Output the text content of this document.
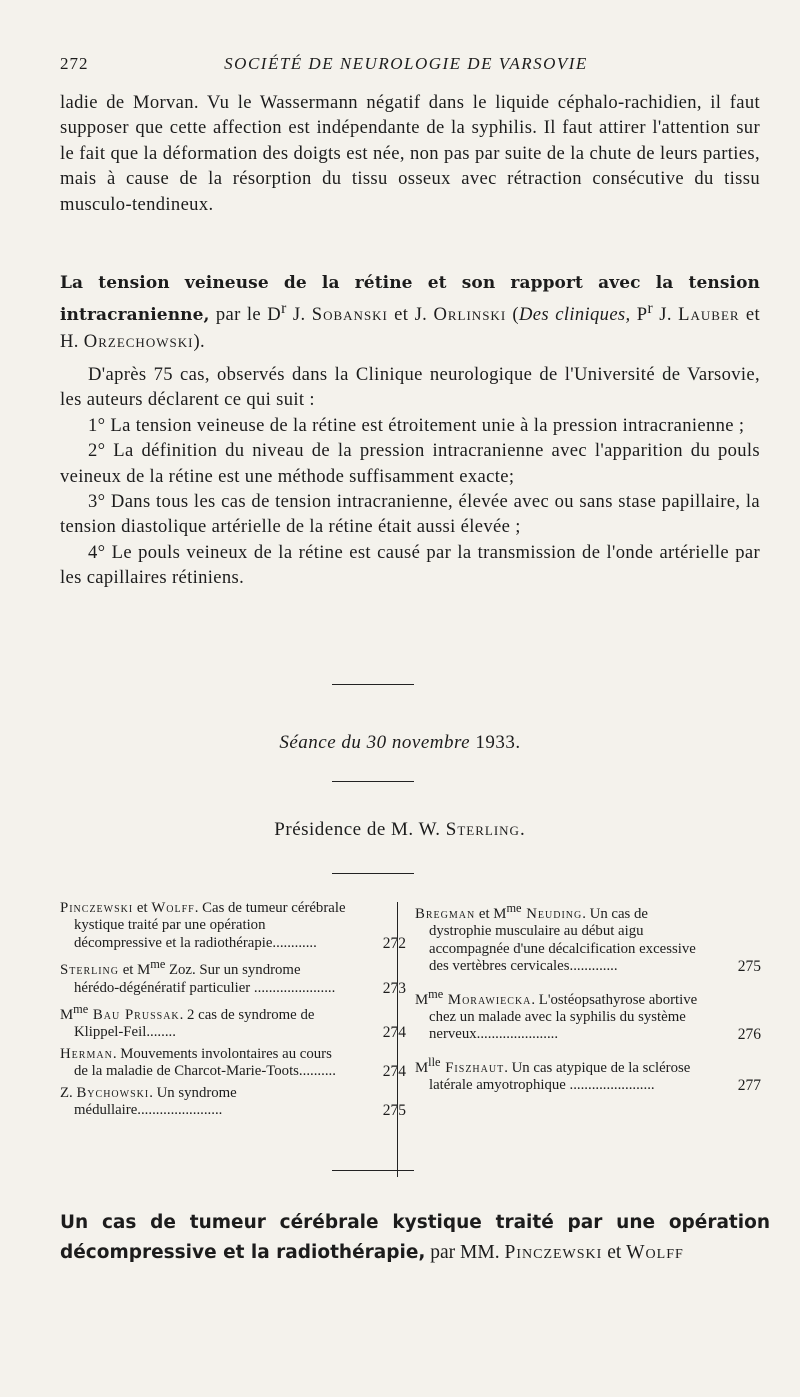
272	SOCIÉTÉ DE NEUROLOGIE DE VARSOVIE
ladie de Morvan. Vu le Wassermann négatif dans le liquide céphalo-rachidien, il faut supposer que cette affection est indépendante de la syphilis. Il faut attirer l'attention sur le fait que la déformation des doigts est née, non pas par suite de la chute de leurs parties, mais à cause de la résorption du tissu osseux avec rétraction consécutive du tissu musculo-tendineux.
La tension veineuse de la rétine et son rapport avec la tension intracranienne, par le $D^r$ J. Sobanski et J. Orlinski (Des cliniques, $P^r$ J. Lauber et H. Orzechowski).

D'après 75 cas, observés dans la Clinique neurologique de l'Université de Varsovie, les auteurs déclarent ce qui suit :

1° La tension veineuse de la rétine est étroitement unie à la pression intracranienne ;

2° La définition du niveau de la pression intracranienne avec l'apparition du pouls veineux de la rétine est une méthode suffisamment exacte;

3° Dans tous les cas de tension intracranienne, élevée avec ou sans stase papillaire, la tension diastolique artérielle de la rétine était aussi élevée ;

4° Le pouls veineux de la rétine est causé par la transmission de l'onde artérielle par les capillaires rétiniens.

Séance du 30 novembre 1933.
Présidence de M. W. Sterling.
Pinczewski et Wolff. Cas de tumeur cérébrale kystique traité par une opération décompressive et la radiothérapie............	272
Sterling et $M^{me}$ Zoz. Sur un syndrome hérédo-dégénératif particulier ......................	273
$M^{me}$ Bau Prussak. 2 cas de syndrome de Klippel-Feil........	274
Herman. Mouvements involontaires au cours de la maladie de Charcot-Marie-Toots..........	274
Z. Bychowski. Un syndrome médullaire.......................	275
Bregman et $M^{me}$ Neuding. Un cas de dystrophie musculaire au début aigu accompagnée d'une décalcification excessive des vertèbres cervicales.............	275
$M^{me}$ Morawiecka. L'ostéopsathyrose abortive chez un malade avec la syphilis du système nerveux......................	276
$M^{lle}$ Fiszhaut. Un cas atypique de la sclérose latérale amyotrophique .......................	277
Un cas de tumeur cérébrale kystique traité par une opération décompressive et la radiothérapie, par MM. Pinczewski et Wolff
